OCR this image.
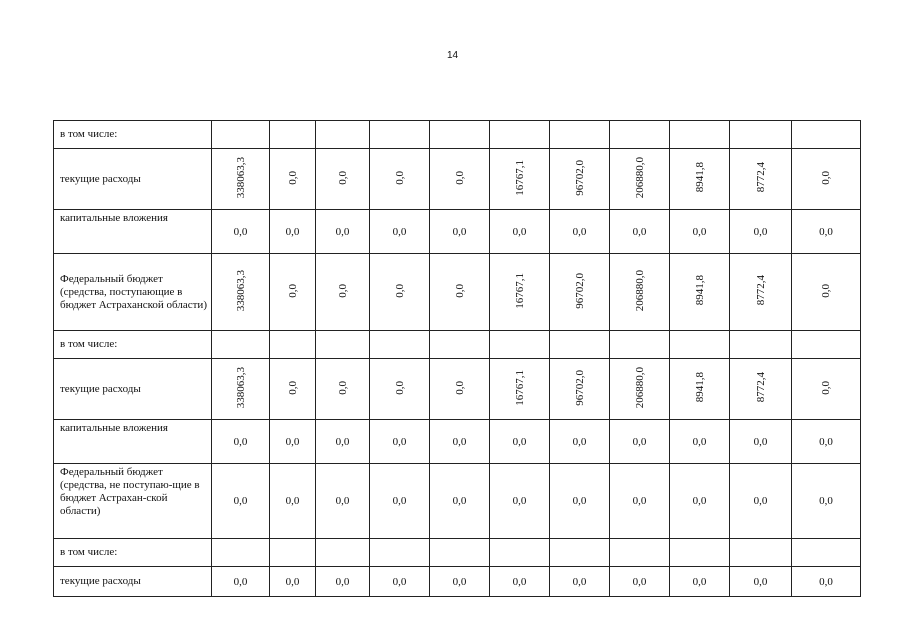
14
в том числе:											
текущие расходы	338063,3	0,0	0,0	0,0	0,0	16767,1	96702,0	206880,0	8941,8	8772,4	0,0
капитальные вложения	0,0	0,0	0,0	0,0	0,0	0,0	0,0	0,0	0,0	0,0	0,0
Федеральный бюджет (средства, поступающие в бюджет Астраханской области)	338063,3	0,0	0,0	0,0	0,0	16767,1	96702,0	206880,0	8941,8	8772,4	0,0
в том числе:											
текущие расходы	338063,3	0,0	0,0	0,0	0,0	16767,1	96702,0	206880,0	8941,8	8772,4	0,0
капитальные вложения	0,0	0,0	0,0	0,0	0,0	0,0	0,0	0,0	0,0	0,0	0,0
Федеральный бюджет (средства, не поступаю-щие в бюджет Астрахан-ской области)	0,0	0,0	0,0	0,0	0,0	0,0	0,0	0,0	0,0	0,0	0,0
в том числе:											
текущие расходы	0,0	0,0	0,0	0,0	0,0	0,0	0,0	0,0	0,0	0,0	0,0
